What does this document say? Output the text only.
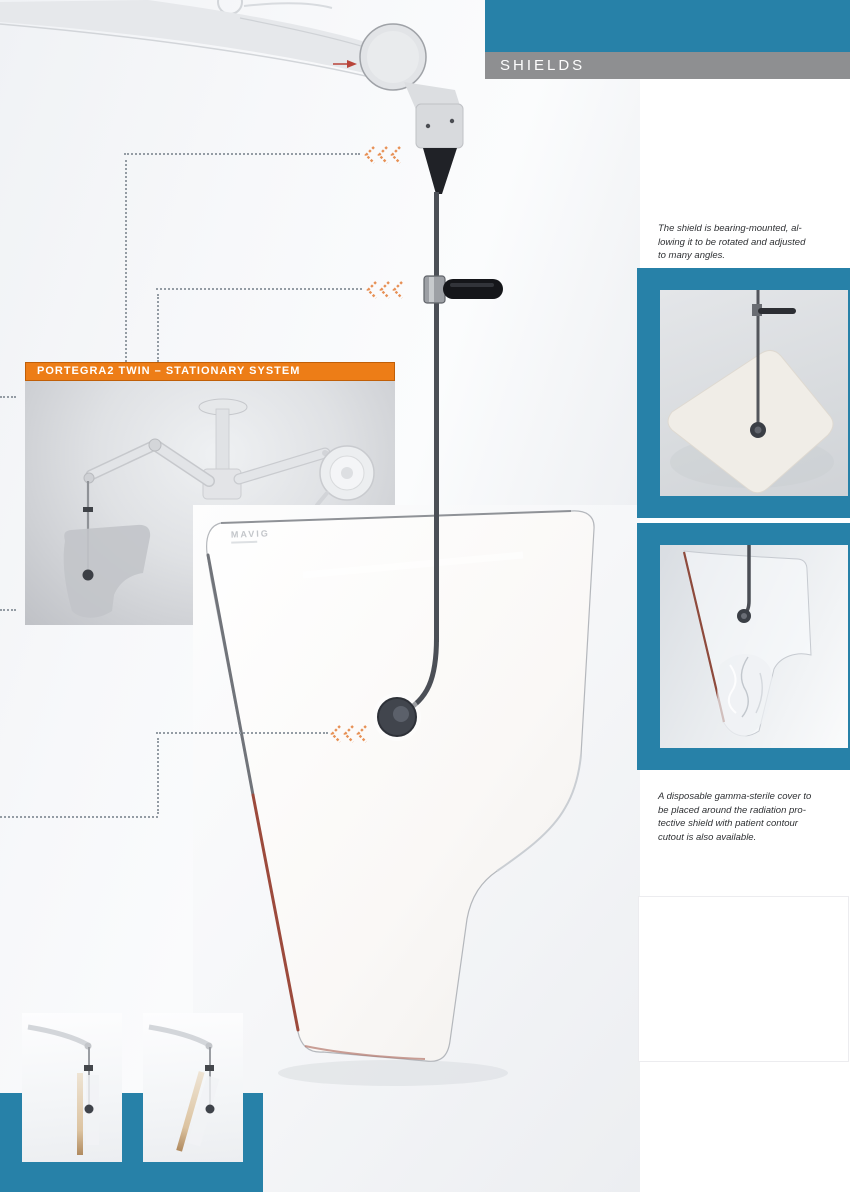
PORTEGRA2 TWIN – STATIONARY SYSTEM
MAVIG
SHIELDS
The shield is bearing-mounted, al-
lowing it to be rotated and adjusted
to many angles.
A disposable gamma-sterile cover to
be placed around the radiation pro-
tective shield with patient contour
cutout is also available.
